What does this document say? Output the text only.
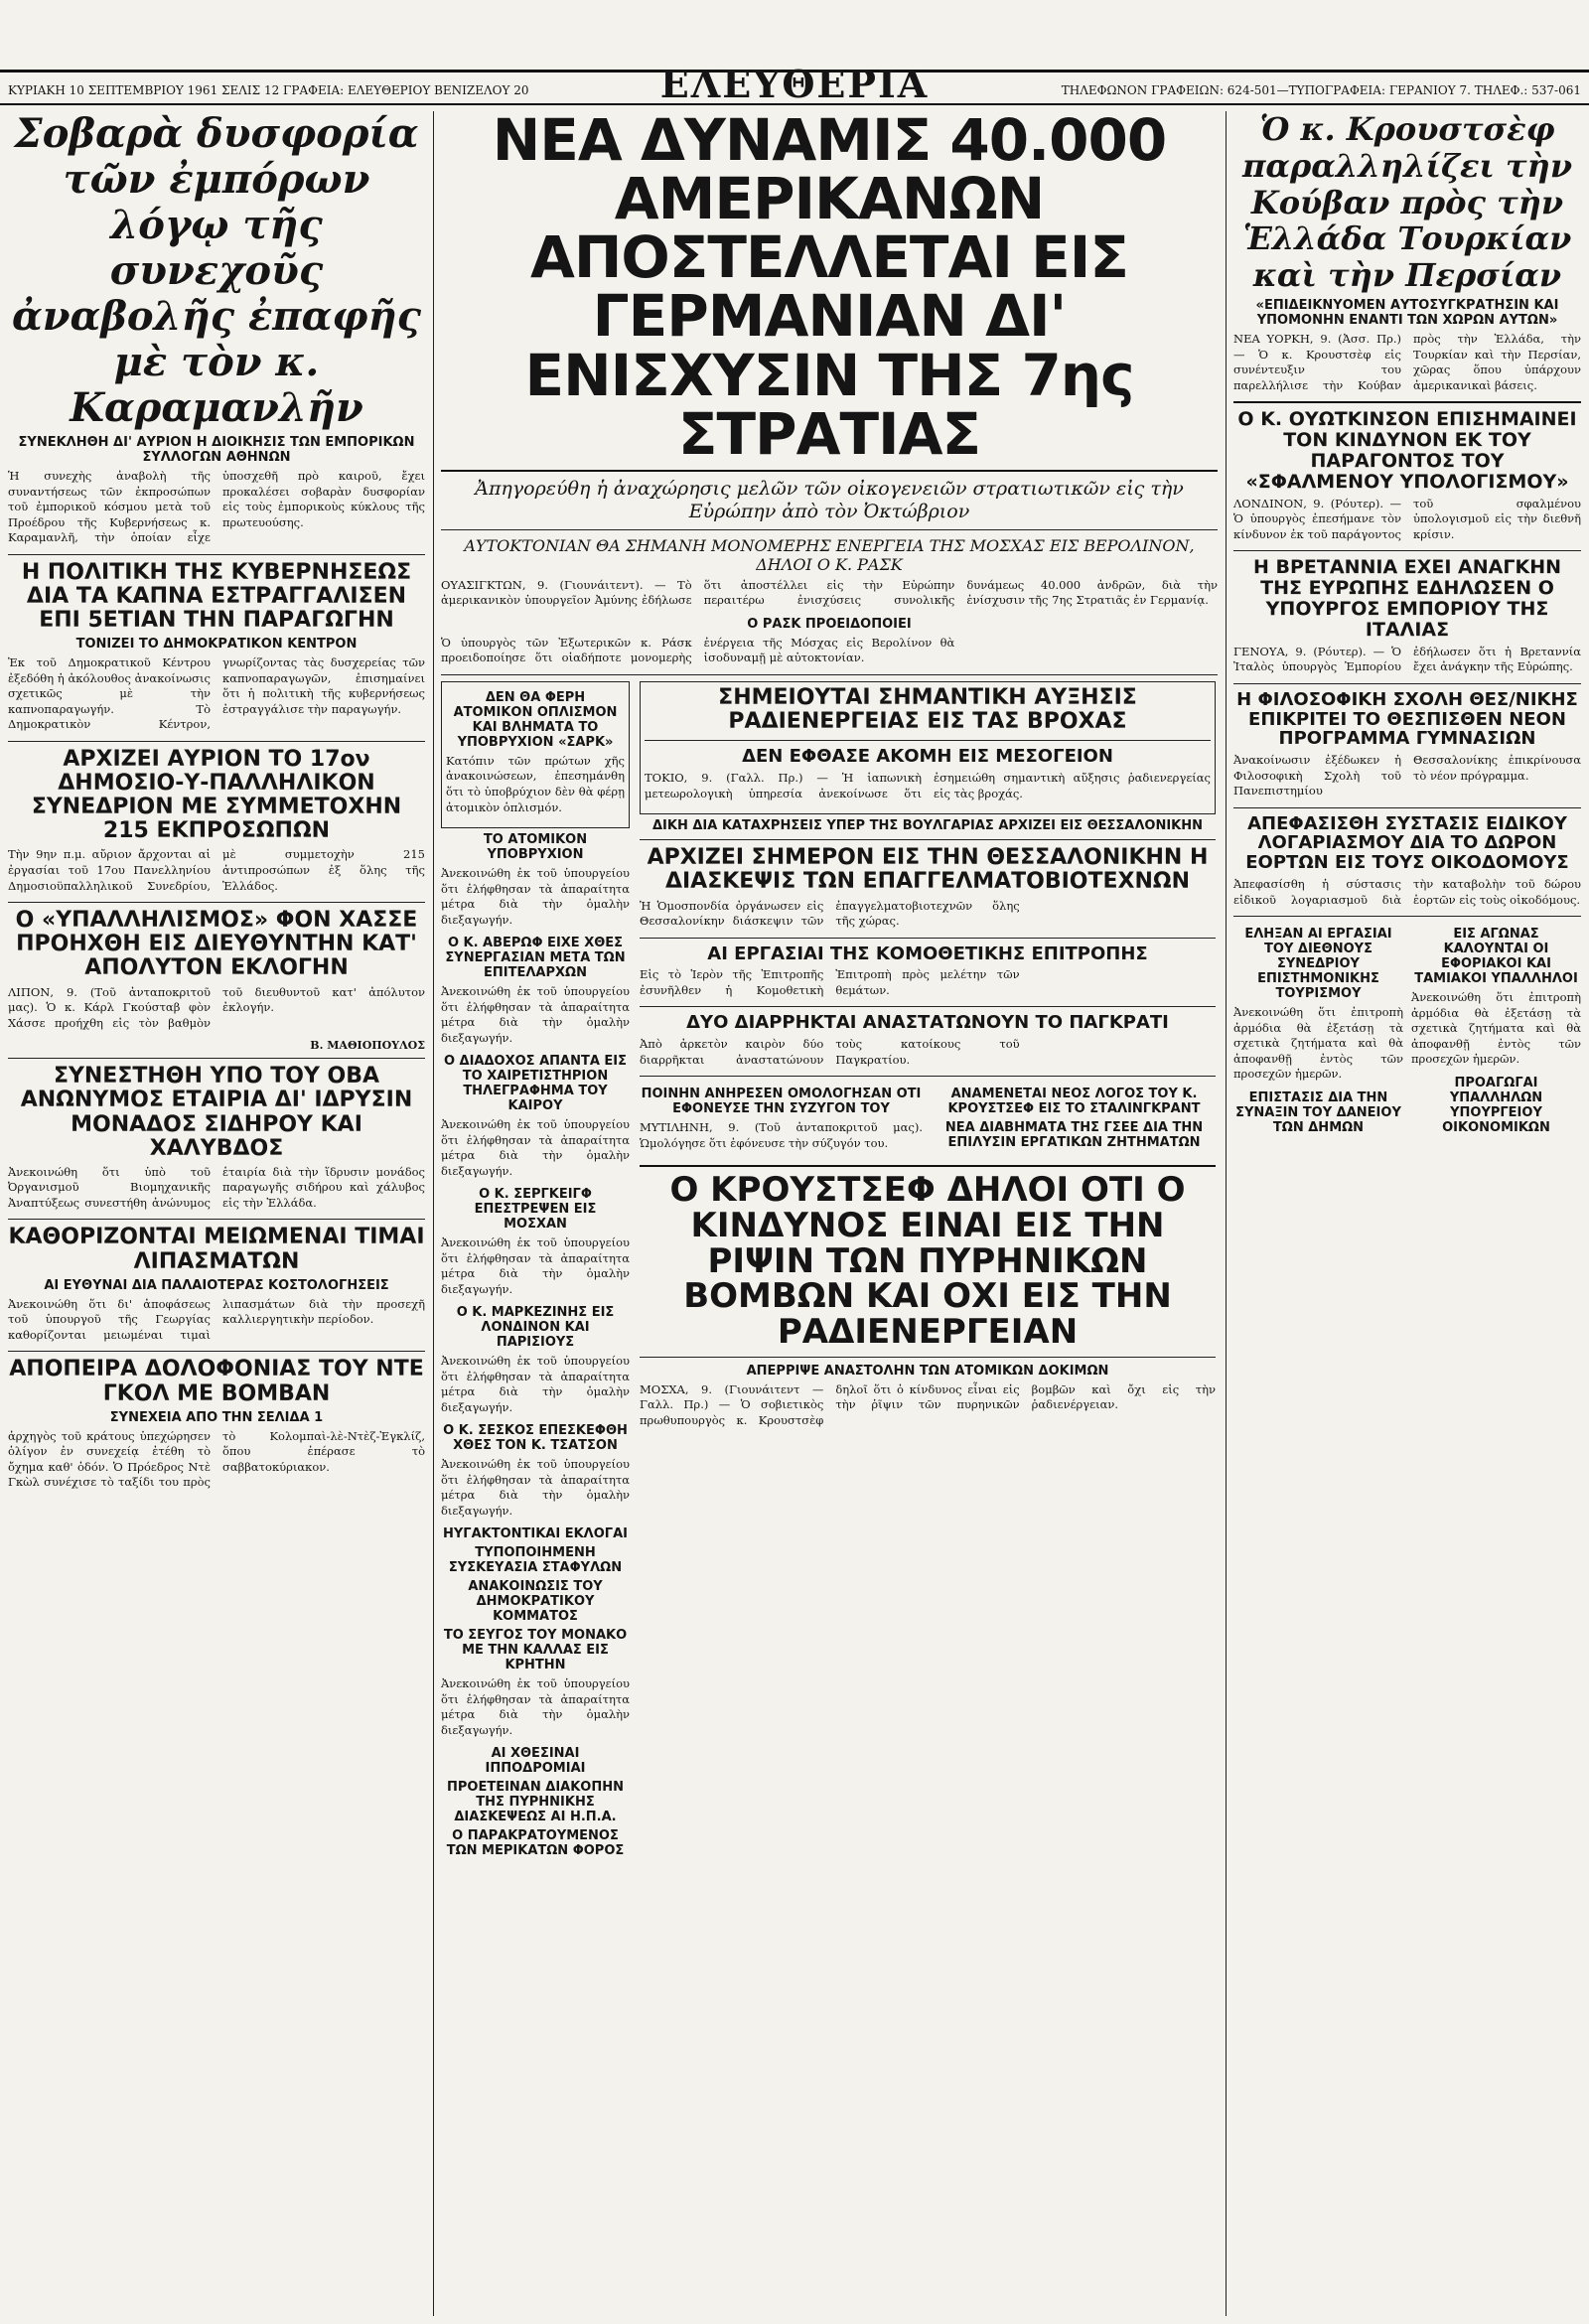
ΚΥΡΙΑΚΗ 10 ΣΕΠΤΕΜΒΡΙΟΥ 1961 ΣΕΛΙΣ 12 ΓΡΑΦΕΙΑ: ΕΛΕΥΘΕΡΙΟΥ ΒΕΝΙΖΕΛΟΥ 20	ΕΛΕΥΘΕΡΙΑ	ΤΗΛΕΦΩΝΟΝ ΓΡΑΦΕΙΩΝ: 624-501—ΤΥΠΟΓΡΑΦΕΙΑ: ΓΕΡΑΝΙΟΥ 7. ΤΗΛΕΦ.: 537-061
Σοβαρὰ δυσφορία τῶν ἐμπόρων λόγῳ τῆς συνεχοῦς ἀναβολῆς ἐπαφῆς μὲ τὸν κ. Καραμανλῆν
ΣΥΝΕΚΛΗΘΗ ΔΙ' ΑΥΡΙΟΝ Η ΔΙΟΙΚΗΣΙΣ ΤΩΝ ΕΜΠΟΡΙΚΩΝ ΣΥΛΛΟΓΩΝ ΑΘΗΝΩΝ

Ἡ συνεχὴς ἀναβολὴ τῆς συναντήσεως τῶν ἐκπροσώπων τοῦ ἐμπορικοῦ κόσμου μετὰ τοῦ Προέδρου τῆς Κυβερνήσεως κ. Καραμανλῆ, τὴν ὁποίαν εἶχε ὑποσχεθῆ πρὸ καιροῦ, ἔχει προκαλέσει σοβαρὰν δυσφορίαν εἰς τοὺς ἐμπορικοὺς κύκλους τῆς πρωτευούσης.

Η ΠΟΛΙΤΙΚΗ ΤΗΣ ΚΥΒΕΡΝΗΣΕΩΣ ΔΙΑ ΤΑ ΚΑΠΝΑ ΕΣΤΡΑΓΓΑΛΙΣΕΝ ΕΠΙ 5ΕΤΙΑΝ ΤΗΝ ΠΑΡΑΓΩΓΗΝ
ΤΟΝΙΖΕΙ ΤΟ ΔΗΜΟΚΡΑΤΙΚΟΝ ΚΕΝΤΡΟΝ

Ἐκ τοῦ Δημοκρατικοῦ Κέντρου ἐξεδόθη ἡ ἀκόλουθος ἀνακοίνωσις σχετικῶς μὲ τὴν καπνοπαραγωγήν. Τὸ Δημοκρατικὸν Κέντρον, γνωρίζοντας τὰς δυσχερείας τῶν καπνοπαραγωγῶν, ἐπισημαίνει ὅτι ἡ πολιτικὴ τῆς κυβερνήσεως ἐστραγγάλισε τὴν παραγωγήν.

ΑΡΧΙΖΕΙ ΑΥΡΙΟΝ ΤΟ 17ον ΔΗΜΟΣΙΟ-Υ-ΠΑΛΛΗΛΙΚΟΝ ΣΥΝΕΔΡΙΟΝ ΜΕ ΣΥΜΜΕΤΟΧΗΝ 215 ΕΚΠΡΟΣΩΠΩΝ

Τὴν 9ην π.μ. αὔριον ἄρχονται αἱ ἐργασίαι τοῦ 17ου Πανελληνίου Δημοσιοϋπαλληλικοῦ Συνεδρίου, μὲ συμμετοχὴν 215 ἀντιπροσώπων ἐξ ὅλης τῆς Ἑλλάδος.

Ο «ΥΠΑΛΛΗΛΙΣΜΟΣ» ΦΟΝ ΧΑΣΣΕ ΠΡΟΗΧΘΗ ΕΙΣ ΔΙΕΥΘΥΝΤΗΝ ΚΑΤ' ΑΠΟΛΥΤΟΝ ΕΚΛΟΓΗΝ

ΛΙΠΟΝ, 9. (Τοῦ ἀνταποκριτοῦ μας). Ὁ κ. Κάρλ Γκούσταβ φὸν Χάσσε προήχθη εἰς τὸν βαθμὸν τοῦ διευθυντοῦ κατ' ἀπόλυτον ἐκλογήν.

Β. ΜΑΘΙΟΠΟΥΛΟΣ
ΣΥΝΕΣΤΗΘΗ ΥΠΟ ΤΟΥ ΟΒΑ ΑΝΩΝΥΜΟΣ ΕΤΑΙΡΙΑ ΔΙ' ΙΔΡΥΣΙΝ ΜΟΝΑΔΟΣ ΣΙΔΗΡΟΥ ΚΑΙ ΧΑΛΥΒΔΟΣ

Ἀνεκοινώθη ὅτι ὑπὸ τοῦ Ὀργανισμοῦ Βιομηχανικῆς Ἀναπτύξεως συνεστήθη ἀνώνυμος ἑταιρία διὰ τὴν ἵδρυσιν μονάδος παραγωγῆς σιδήρου καὶ χάλυβος εἰς τὴν Ἑλλάδα.

ΚΑΘΟΡΙΖΟΝΤΑΙ ΜΕΙΩΜΕΝΑΙ ΤΙΜΑΙ ΛΙΠΑΣΜΑΤΩΝ
ΑΙ ΕΥΘΥΝΑΙ ΔΙΑ ΠΑΛΑΙΟΤΕΡΑΣ ΚΟΣΤΟΛΟΓΗΣΕΙΣ

Ἀνεκοινώθη ὅτι δι' ἀποφάσεως τοῦ ὑπουργοῦ τῆς Γεωργίας καθορίζονται μειωμέναι τιμαὶ λιπασμάτων διὰ τὴν προσεχῆ καλλιεργητικὴν περίοδον.

ΑΠΟΠΕΙΡΑ ΔΟΛΟΦΟΝΙΑΣ ΤΟΥ ΝΤΕ ΓΚΟΛ ΜΕ ΒΟΜΒΑΝ
ΣΥΝΕΧΕΙΑ ΑΠΟ ΤΗΝ ΣΕΛΙΔΑ 1

ἀρχηγὸς τοῦ κράτους ὑπεχώρησεν ὁλίγον ἐν συνεχείᾳ ἐτέθη τὸ ὄχημα καθ' ὁδόν. Ὁ Πρόεδρος Ντὲ Γκὼλ συνέχισε τὸ ταξίδι του πρὸς τὸ Κολομπαὶ-λὲ-Ντὲζ-Ἐγκλίζ, ὅπου ἐπέρασε τὸ σαββατοκύριακον.

ΝΕΑ ΔΥΝΑΜΙΣ 40.000 ΑΜΕΡΙΚΑΝΩΝ ΑΠΟΣΤΕΛΛΕΤΑΙ ΕΙΣ ΓΕΡΜΑΝΙΑΝ ΔΙ' ΕΝΙΣΧΥΣΙΝ ΤΗΣ 7ης ΣΤΡΑΤΙΑΣ
Ἀπηγορεύθη ἡ ἀναχώρησις μελῶν τῶν οἰκογενειῶν στρατιωτικῶν εἰς τὴν Εὐρώπην ἀπὸ τὸν Ὀκτώβριον
ΑΥΤΟΚΤΟΝΙΑΝ ΘΑ ΣΗΜΑΝΗ ΜΟΝΟΜΕΡΗΣ ΕΝΕΡΓΕΙΑ ΤΗΣ ΜΟΣΧΑΣ ΕΙΣ ΒΕΡΟΛΙΝΟΝ, ΔΗΛΟΙ Ο Κ. ΡΑΣΚ

ΟΥΑΣΙΓΚΤΩΝ, 9. (Γιουνάιτεντ). — Τὸ ἀμερικανικὸν ὑπουργεῖον Ἀμύνης ἐδήλωσε ὅτι ἀποστέλλει εἰς τὴν Εὐρώπην περαιτέρω ἐνισχύσεις συνολικῆς δυνάμεως 40.000 ἀνδρῶν, διὰ τὴν ἐνίσχυσιν τῆς 7ης Στρατιᾶς ἐν Γερμανίᾳ.

Ο ΡΑΣΚ ΠΡΟΕΙΔΟΠΟΙΕΙ

Ὁ ὑπουργὸς τῶν Ἐξωτερικῶν κ. Ράσκ προειδοποίησε ὅτι οἱαδήποτε μονομερὴς ἐνέργεια τῆς Μόσχας εἰς Βερολίνον θὰ ἰσοδυναμῇ μὲ αὐτοκτονίαν.

ΔΕΝ ΘΑ ΦΕΡΗ ΑΤΟΜΙΚΟΝ ΟΠΛΙΣΜΟΝ ΚΑΙ ΒΛΗΜΑΤΑ ΤΟ ΥΠΟΒΡΥΧΙΟΝ «ΣΑΡΚ»

Κατόπιν τῶν πρώτων χῆς ἀνακοινώσεων, ἐπεσημάνθη ὅτι τὸ ὑποβρύχιον δὲν θὰ φέρῃ ἀτομικὸν ὁπλισμόν.

ΤΟ ΑΤΟΜΙΚΟΝ ΥΠΟΒΡΥΧΙΟΝ

Ἀνεκοινώθη ἐκ τοῦ ὑπουργείου ὅτι ἐλήφθησαν τὰ ἀπαραίτητα μέτρα διὰ τὴν ὁμαλὴν διεξαγωγήν.

Ο Κ. ΑΒΕΡΩΦ ΕΙΧΕ ΧΘΕΣ ΣΥΝΕΡΓΑΣΙΑΝ ΜΕΤΑ ΤΩΝ ΕΠΙΤΕΛΑΡΧΩΝ

Ἀνεκοινώθη ἐκ τοῦ ὑπουργείου ὅτι ἐλήφθησαν τὰ ἀπαραίτητα μέτρα διὰ τὴν ὁμαλὴν διεξαγωγήν.

Ο ΔΙΑΔΟΧΟΣ ΑΠΑΝΤΑ ΕΙΣ ΤΟ ΧΑΙΡΕΤΙΣΤΗΡΙΟΝ ΤΗΛΕΓΡΑΦΗΜΑ ΤΟΥ ΚΑΙΡΟΥ

Ἀνεκοινώθη ἐκ τοῦ ὑπουργείου ὅτι ἐλήφθησαν τὰ ἀπαραίτητα μέτρα διὰ τὴν ὁμαλὴν διεξαγωγήν.

Ο Κ. ΣΕΡΓΚΕΙΓΦ ΕΠΕΣΤΡΕΨΕΝ ΕΙΣ ΜΟΣΧΑΝ

Ἀνεκοινώθη ἐκ τοῦ ὑπουργείου ὅτι ἐλήφθησαν τὰ ἀπαραίτητα μέτρα διὰ τὴν ὁμαλὴν διεξαγωγήν.

Ο Κ. ΜΑΡΚΕΖΙΝΗΣ ΕΙΣ ΛΟΝΔΙΝΟΝ ΚΑΙ ΠΑΡΙΣΙΟΥΣ

Ἀνεκοινώθη ἐκ τοῦ ὑπουργείου ὅτι ἐλήφθησαν τὰ ἀπαραίτητα μέτρα διὰ τὴν ὁμαλὴν διεξαγωγήν.

Ο Κ. ΣΕΣΚΟΣ ΕΠΕΣΚΕΦΘΗ ΧΘΕΣ ΤΟΝ Κ. ΤΣΑΤΣΟΝ

Ἀνεκοινώθη ἐκ τοῦ ὑπουργείου ὅτι ἐλήφθησαν τὰ ἀπαραίτητα μέτρα διὰ τὴν ὁμαλὴν διεξαγωγήν.

ΗΥΓΑΚΤΟΝΤΙΚΑΙ ΕΚΛΟΓΑΙ
ΤΥΠΟΠΟΙΗΜΕΝΗ ΣΥΣΚΕΥΑΣΙΑ ΣΤΑΦΥΛΩΝ
ΑΝΑΚΟΙΝΩΣΙΣ ΤΟΥ ΔΗΜΟΚΡΑΤΙΚΟΥ ΚΟΜΜΑΤΟΣ
ΤΟ ΣΕΥΓΟΣ ΤΟΥ ΜΟΝΑΚΟ ΜΕ ΤΗΝ ΚΑΛΛΑΣ ΕΙΣ ΚΡΗΤΗΝ

Ἀνεκοινώθη ἐκ τοῦ ὑπουργείου ὅτι ἐλήφθησαν τὰ ἀπαραίτητα μέτρα διὰ τὴν ὁμαλὴν διεξαγωγήν.

ΑΙ ΧΘΕΣΙΝΑΙ ΙΠΠΟΔΡΟΜΙΑΙ
ΠΡΟΕΤΕΙΝΑΝ ΔΙΑΚΟΠΗΝ ΤΗΣ ΠΥΡΗΝΙΚΗΣ ΔΙΑΣΚΕΨΕΩΣ ΑΙ Η.Π.Α.
Ο ΠΑΡΑΚΡΑΤΟΥΜΕΝΟΣ ΤΩΝ ΜΕΡΙΚΑΤΩΝ ΦΟΡΟΣ
ΣΗΜΕΙΟΥΤΑΙ ΣΗΜΑΝΤΙΚΗ ΑΥΞΗΣΙΣ ΡΑΔΙΕΝΕΡΓΕΙΑΣ ΕΙΣ ΤΑΣ ΒΡΟΧΑΣ
ΔΕΝ ΕΦΘΑΣΕ ΑΚΟΜΗ ΕΙΣ ΜΕΣΟΓΕΙΟΝ

ΤΟΚΙΟ, 9. (Γαλλ. Πρ.) — Ἡ ἰαπωνικὴ μετεωρολογικὴ ὑπηρεσία ἀνεκοίνωσε ὅτι ἐσημειώθη σημαντικὴ αὔξησις ῥαδιενεργείας εἰς τὰς βροχάς.

ΔΙΚΗ ΔΙΑ ΚΑΤΑΧΡΗΣΕΙΣ ΥΠΕΡ ΤΗΣ ΒΟΥΛΓΑΡΙΑΣ ΑΡΧΙΖΕΙ ΕΙΣ ΘΕΣΣΑΛΟΝΙΚΗΝ
ΑΡΧΙΖΕΙ ΣΗΜΕΡΟΝ ΕΙΣ ΤΗΝ ΘΕΣΣΑΛΟΝΙΚΗΝ Η ΔΙΑΣΚΕΨΙΣ ΤΩΝ ΕΠΑΓΓΕΛΜΑΤΟΒΙΟΤΕΧΝΩΝ

Ἡ Ὁμοσπονδία ὀργάνωσεν εἰς Θεσσαλονίκην διάσκεψιν τῶν ἐπαγγελματοβιοτεχνῶν ὅλης τῆς χώρας.

ΑΙ ΕΡΓΑΣΙΑΙ ΤΗΣ ΚΟΜΟΘΕΤΙΚΗΣ ΕΠΙΤΡΟΠΗΣ

Εἰς τὸ Ἱερὸν τῆς Ἐπιτροπῆς ἐσυνῆλθεν ἡ Κομοθετικὴ Ἐπιτροπὴ πρὸς μελέτην τῶν θεμάτων.

ΔΥΟ ΔΙΑΡΡΗΚΤΑΙ ΑΝΑΣΤΑΤΩΝΟΥΝ ΤΟ ΠΑΓΚΡΑΤΙ

Ἀπὸ ἀρκετὸν καιρὸν δύο διαρρῆκται ἀναστατώνουν τοὺς κατοίκους τοῦ Παγκρατίου.

ΠΟΙΝΗΝ ΑΝΗΡΕΣΕΝ ΟΜΟΛΟΓΗΣΑΝ ΟΤΙ ΕΦΟΝΕΥΣΕ ΤΗΝ ΣΥΖΥΓΟΝ ΤΟΥ

ΜΥΤΙΛΗΝΗ, 9. (Τοῦ ἀνταποκριτοῦ μας). Ὡμολόγησε ὅτι ἐφόνευσε τὴν σύζυγόν του.

ΑΝΑΜΕΝΕΤΑΙ ΝΕΟΣ ΛΟΓΟΣ ΤΟΥ Κ. ΚΡΟΥΣΤΣΕΦ ΕΙΣ ΤΟ ΣΤΑΛΙΝΓΚΡΑΝΤ
ΝΕΑ ΔΙΑΒΗΜΑΤΑ ΤΗΣ ΓΣΕΕ ΔΙΑ ΤΗΝ ΕΠΙΛΥΣΙΝ ΕΡΓΑΤΙΚΩΝ ΖΗΤΗΜΑΤΩΝ
Ο ΚΡΟΥΣΤΣΕΦ ΔΗΛΟΙ ΟΤΙ Ο ΚΙΝΔΥΝΟΣ ΕΙΝΑΙ ΕΙΣ ΤΗΝ ΡΙΨΙΝ ΤΩΝ ΠΥΡΗΝΙΚΩΝ ΒΟΜΒΩΝ ΚΑΙ ΟΧΙ ΕΙΣ ΤΗΝ ΡΑΔΙΕΝΕΡΓΕΙΑΝ
ΑΠΕΡΡΙΨΕ ΑΝΑΣΤΟΛΗΝ ΤΩΝ ΑΤΟΜΙΚΩΝ ΔΟΚΙΜΩΝ

ΜΟΣΧΑ, 9. (Γιουνάιτεντ — Γαλλ. Πρ.) — Ὁ σοβιετικὸς πρωθυπουργὸς κ. Κρουστσὲφ δηλοῖ ὅτι ὁ κίνδυνος εἶναι εἰς τὴν ῥῖψιν τῶν πυρηνικῶν βομβῶν καὶ ὄχι εἰς τὴν ῥαδιενέργειαν.

Ὁ κ. Κρουστσὲφ παραλληλίζει τὴν Κούβαν πρὸς τὴν Ἑλλάδα Τουρκίαν καὶ τὴν Περσίαν
«ΕΠΙΔΕΙΚΝΥΟΜΕΝ ΑΥΤΟΣΥΓΚΡΑΤΗΣΙΝ ΚΑΙ ΥΠΟΜΟΝΗΝ ΕΝΑΝΤΙ ΤΩΝ ΧΩΡΩΝ ΑΥΤΩΝ»

ΝΕΑ ΥΟΡΚΗ, 9. (Ἀσσ. Πρ.) — Ὁ κ. Κρουστσὲφ εἰς συνέντευξιν του παρελλήλισε τὴν Κούβαν πρὸς τὴν Ἑλλάδα, τὴν Τουρκίαν καὶ τὴν Περσίαν, χῶρας ὅπου ὑπάρχουν ἀμερικανικαὶ βάσεις.

Ο Κ. ΟΥΩΤΚΙΝΣΟΝ ΕΠΙΣΗΜΑΙΝΕΙ ΤΟΝ ΚΙΝΔΥΝΟΝ ΕΚ ΤΟΥ ΠΑΡΑΓΟΝΤΟΣ ΤΟΥ «ΣΦΑΛΜΕΝΟΥ ΥΠΟΛΟΓΙΣΜΟΥ»

ΛΟΝΔΙΝΟΝ, 9. (Ρόυτερ). — Ὁ ὑπουργὸς ἐπεσήμανε τὸν κίνδυνον ἐκ τοῦ παράγοντος τοῦ σφαλμένου ὑπολογισμοῦ εἰς τὴν διεθνῆ κρίσιν.

Η ΒΡΕΤΑΝΝΙΑ ΕΧΕΙ ΑΝΑΓΚΗΝ ΤΗΣ ΕΥΡΩΠΗΣ ΕΔΗΛΩΣΕΝ Ο ΥΠΟΥΡΓΟΣ ΕΜΠΟΡΙΟΥ ΤΗΣ ΙΤΑΛΙΑΣ

ΓΕΝΟΥΑ, 9. (Ρόυτερ). — Ὁ Ἰταλὸς ὑπουργὸς Ἐμπορίου ἐδήλωσεν ὅτι ἡ Βρεταννία ἔχει ἀνάγκην τῆς Εὐρώπης.

Η ΦΙΛΟΣΟΦΙΚΗ ΣΧΟΛΗ ΘΕΣ/ΝΙΚΗΣ ΕΠΙΚΡΙΤΕΙ ΤΟ ΘΕΣΠΙΣΘΕΝ ΝΕΟΝ ΠΡΟΓΡΑΜΜΑ ΓΥΜΝΑΣΙΩΝ

Ἀνακοίνωσιν ἐξέδωκεν ἡ Φιλοσοφικὴ Σχολὴ τοῦ Πανεπιστημίου Θεσσαλονίκης ἐπικρίνουσα τὸ νέον πρόγραμμα.

ΑΠΕΦΑΣΙΣΘΗ ΣΥΣΤΑΣΙΣ ΕΙΔΙΚΟΥ ΛΟΓΑΡΙΑΣΜΟΥ ΔΙΑ ΤΟ ΔΩΡΟΝ ΕΟΡΤΩΝ ΕΙΣ ΤΟΥΣ ΟΙΚΟΔΟΜΟΥΣ

Ἀπεφασίσθη ἡ σύστασις εἰδικοῦ λογαριασμοῦ διὰ τὴν καταβολὴν τοῦ δώρου ἑορτῶν εἰς τοὺς οἰκοδόμους.

ΕΛΗΞΑΝ ΑΙ ΕΡΓΑΣΙΑΙ ΤΟΥ ΔΙΕΘΝΟΥΣ ΣΥΝΕΔΡΙΟΥ ΕΠΙΣΤΗΜΟΝΙΚΗΣ ΤΟΥΡΙΣΜΟΥ

Ἀνεκοινώθη ὅτι ἐπιτροπὴ ἀρμόδια θὰ ἐξετάσῃ τὰ σχετικὰ ζητήματα καὶ θὰ ἀποφανθῇ ἐντὸς τῶν προσεχῶν ἡμερῶν.

ΕΠΙΣΤΑΣΙΣ ΔΙΑ ΤΗΝ ΣΥΝΑΞΙΝ ΤΟΥ ΔΑΝΕΙΟΥ ΤΩΝ ΔΗΜΩΝ
ΕΙΣ ΑΓΩΝΑΣ ΚΑΛΟΥΝΤΑΙ ΟΙ ΕΦΟΡΙΑΚΟΙ ΚΑΙ ΤΑΜΙΑΚΟΙ ΥΠΑΛΛΗΛΟΙ

Ἀνεκοινώθη ὅτι ἐπιτροπὴ ἀρμόδια θὰ ἐξετάσῃ τὰ σχετικὰ ζητήματα καὶ θὰ ἀποφανθῇ ἐντὸς τῶν προσεχῶν ἡμερῶν.

ΠΡΟΑΓΩΓΑΙ ΥΠΑΛΛΗΛΩΝ ΥΠΟΥΡΓΕΙΟΥ ΟΙΚΟΝΟΜΙΚΩΝ
